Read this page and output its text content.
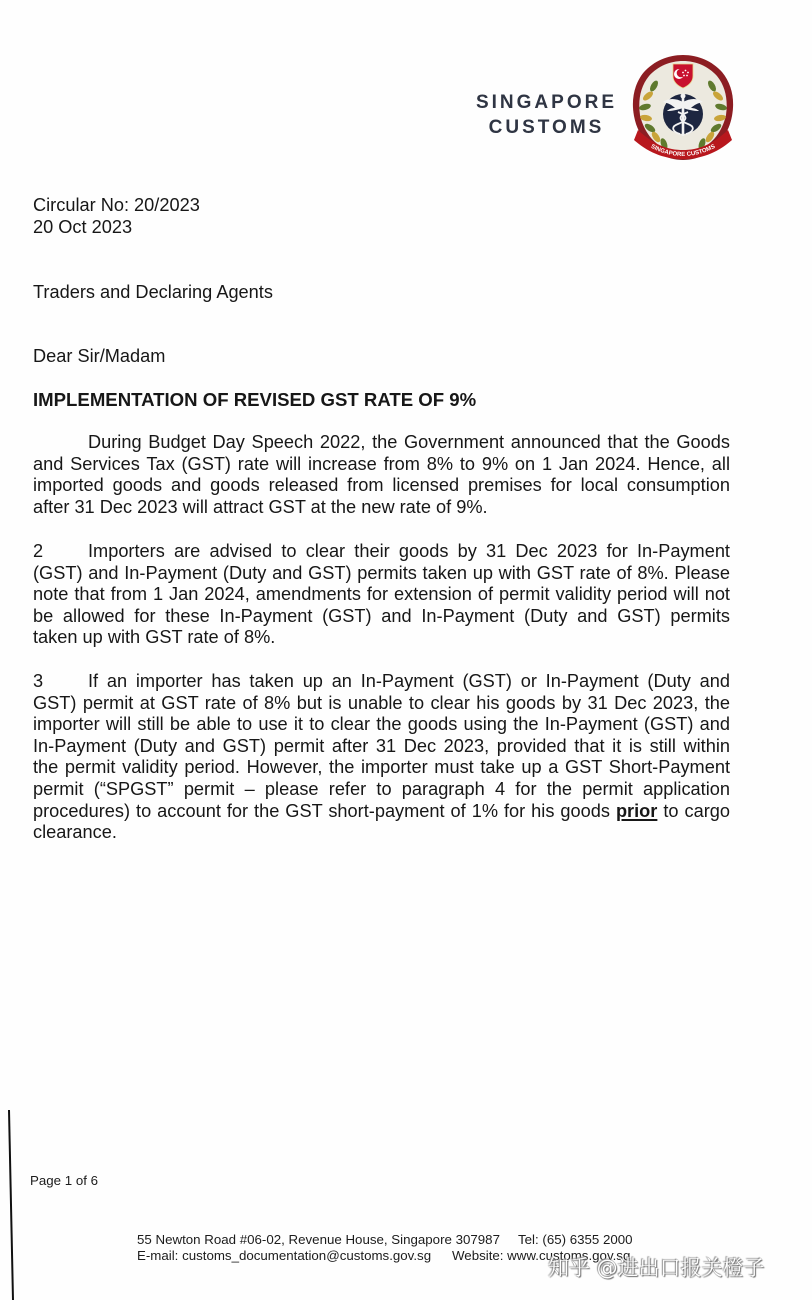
SINGAPORE
CUSTOMS
SINGAPORE CUSTOMS
Circular No: 20/2023
20 Oct 2023
Traders and Declaring Agents
Dear Sir/Madam
IMPLEMENTATION OF REVISED GST RATE OF 9%
During Budget Day Speech 2022, the Government announced that the Goods
and Services Tax (GST) rate will increase from 8% to 9% on 1 Jan 2024. Hence, all
imported goods and goods released from licensed premises for local consumption
after 31 Dec 2023 will attract GST at the new rate of 9%.
2	Importers are advised to clear their goods by 31 Dec 2023 for In-Payment
(GST) and In-Payment (Duty and GST) permits taken up with GST rate of 8%. Please
note that from 1 Jan 2024, amendments for extension of permit validity period will not
be allowed for these In-Payment (GST) and In-Payment (Duty and GST) permits
taken up with GST rate of 8%.
3	If an importer has taken up an In-Payment (GST) or In-Payment (Duty and
GST) permit at GST rate of 8% but is unable to clear his goods by 31 Dec 2023, the
importer will still be able to use it to clear the goods using the In-Payment (GST) and
In-Payment (Duty and GST) permit after 31 Dec 2023, provided that it is still within
the permit validity period. However, the importer must take up a GST Short-Payment
permit (“SPGST” permit – please refer to paragraph 4 for the permit application
procedures) to account for the GST short-payment of 1% for his goods prior to cargo
clearance.
Page 1 of 6
55 Newton Road #06-02, Revenue House, Singapore 307987 Tel: (65) 6355 2000
E-mail: customs_documentation@customs.gov.sg Website: www.customs.gov.sg
知乎 @进出口报关橙子
